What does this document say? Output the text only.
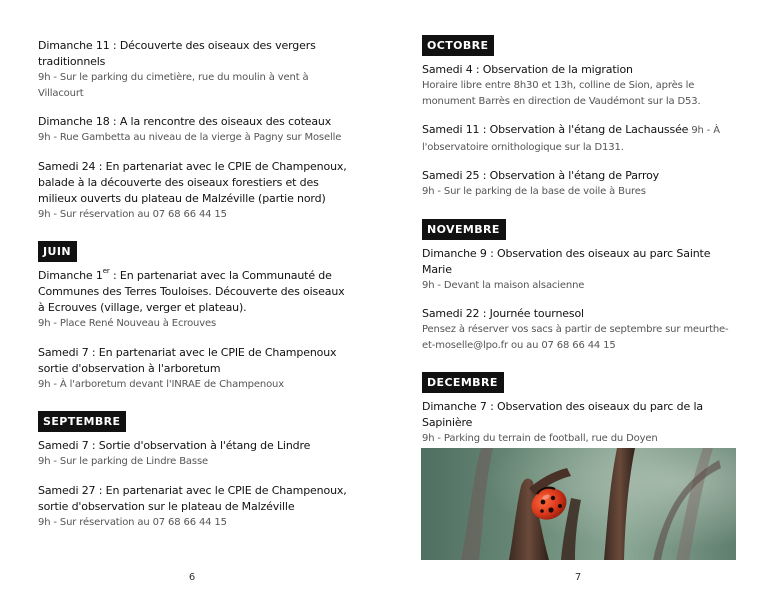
Dimanche 11 : Découverte des oiseaux des vergers traditionnels
9h - Sur le parking du cimetière, rue du moulin à vent à Villacourt
Dimanche 18 : A la rencontre des oiseaux des coteaux
9h - Rue Gambetta au niveau de la vierge à Pagny sur Moselle
Samedi 24 : En partenariat avec le CPIE de Champenoux, balade à la découverte des oiseaux forestiers et des milieux ouverts du plateau de Malzéville (partie nord)
9h - Sur réservation au 07 68 66 44 15
JUIN
Dimanche 1er : En partenariat avec la Communauté de Communes des Terres Touloises. Découverte des oiseaux à Ecrouves (village, verger et plateau).
9h - Place René Nouveau à Ecrouves
Samedi 7 : En partenariat avec le CPIE de Champenoux sortie d'observation à l'arboretum
9h - À l'arboretum devant l'INRAE de Champenoux
SEPTEMBRE
Samedi 7 : Sortie d'observation à l'étang de Lindre
9h - Sur le parking de Lindre Basse
Samedi 27 : En partenariat avec le CPIE de Champenoux, sortie d'observation sur le plateau de Malzéville
9h - Sur réservation au 07 68 66 44 15
6
OCTOBRE
Samedi 4 : Observation de la migration
Horaire libre entre 8h30 et 13h, colline de Sion, après le monument Barrès en direction de Vaudémont sur la D53.
Samedi 11 : Observation à l'étang de Lachaussée 9h - À l'observatoire ornithologique sur la D131.
Samedi 25 : Observation à l'étang de Parroy
9h - Sur le parking de la base de voile à Bures
NOVEMBRE
Dimanche 9 : Observation des oiseaux au parc Sainte Marie
9h - Devant la maison alsacienne
Samedi 22 : Journée tournesol
Pensez à réserver vos sacs à partir de septembre sur meurthe-et-moselle@lpo.fr ou au 07 68 66 44 15
DECEMBRE
Dimanche 7 : Observation des oiseaux du parc de la Sapinière
9h - Parking du terrain de football, rue du Doyen
7
